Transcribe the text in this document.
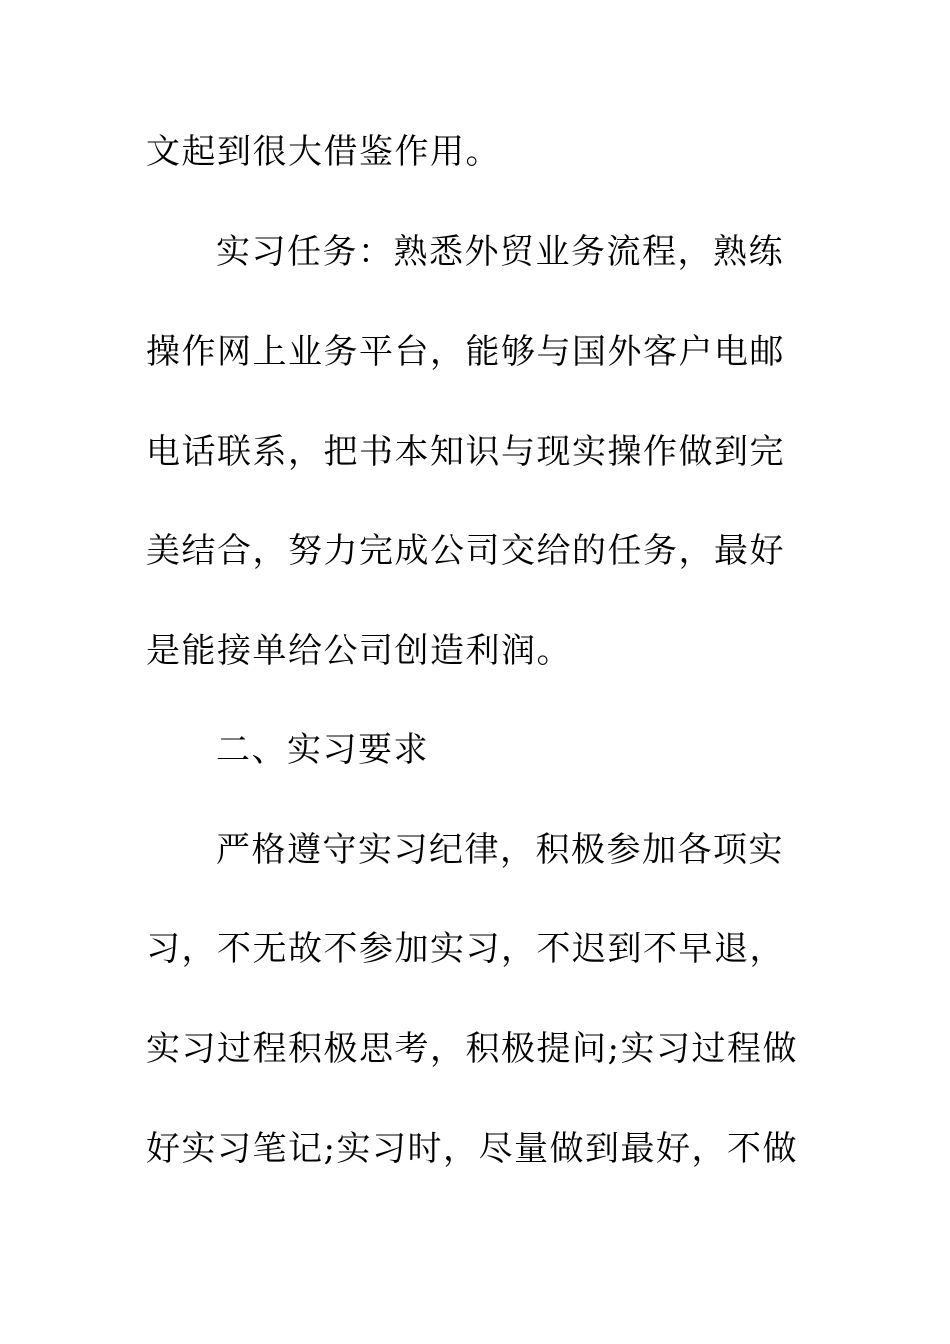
文起到很大借鉴作用。
实习任务：熟悉外贸业务流程，熟练
操作网上业务平台，能够与国外客户电邮
电话联系，把书本知识与现实操作做到完
美结合，努力完成公司交给的任务，最好
是能接单给公司创造利润。
二、实习要求
严格遵守实习纪律，积极参加各项实
习，不无故不参加实习，不迟到不早退，
实习过程积极思考，积极提问;实习过程做
好实习笔记;实习时，尽量做到最好，不做
